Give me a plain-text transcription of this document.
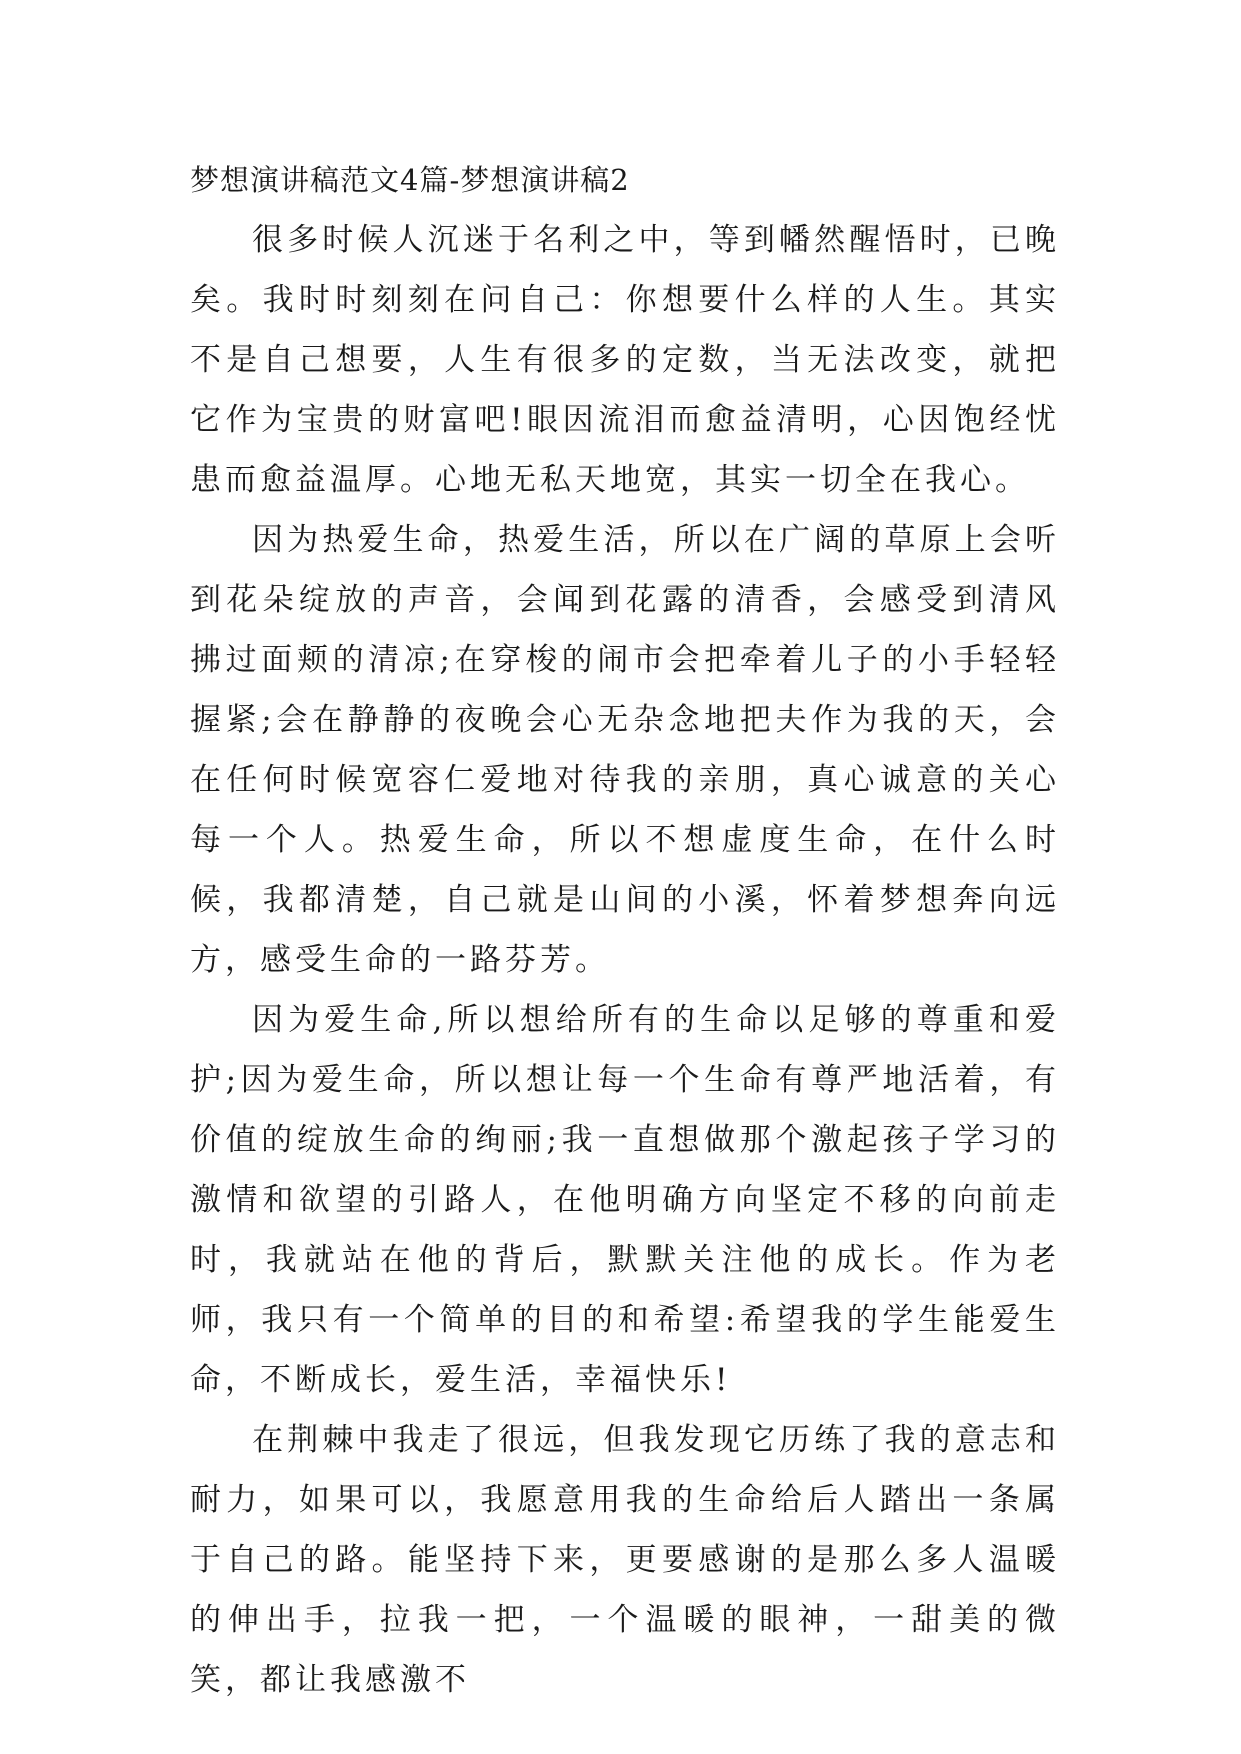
梦想演讲稿范文4篇-梦想演讲稿2

很多时候人沉迷于名利之中，等到幡然醒悟时，已晚矣。我时时刻刻在问自己：你想要什么样的人生。其实不是自己想要，人生有很多的定数，当无法改变，就把它作为宝贵的财富吧!眼因流泪而愈益清明，心因饱经忧患而愈益温厚。心地无私天地宽，其实一切全在我心。

因为热爱生命，热爱生活，所以在广阔的草原上会听到花朵绽放的声音，会闻到花露的清香，会感受到清风拂过面颊的清凉;在穿梭的闹市会把牵着儿子的小手轻轻握紧;会在静静的夜晚会心无杂念地把夫作为我的天，会在任何时候宽容仁爱地对待我的亲朋，真心诚意的关心每一个人。热爱生命，所以不想虚度生命，在什么时候，我都清楚，自己就是山间的小溪，怀着梦想奔向远方，感受生命的一路芬芳。

因为爱生命,所以想给所有的生命以足够的尊重和爱护;因为爱生命，所以想让每一个生命有尊严地活着，有价值的绽放生命的绚丽;我一直想做那个激起孩子学习的激情和欲望的引路人，在他明确方向坚定不移的向前走时，我就站在他的背后，默默关注他的成长。作为老师，我只有一个简单的目的和希望:希望我的学生能爱生命，不断成长，爱生活，幸福快乐!

在荆棘中我走了很远，但我发现它历练了我的意志和耐力，如果可以，我愿意用我的生命给后人踏出一条属于自己的路。能坚持下来，更要感谢的是那么多人温暖的伸出手，拉我一把，一个温暖的眼神，一甜美的微笑，都让我感激不
